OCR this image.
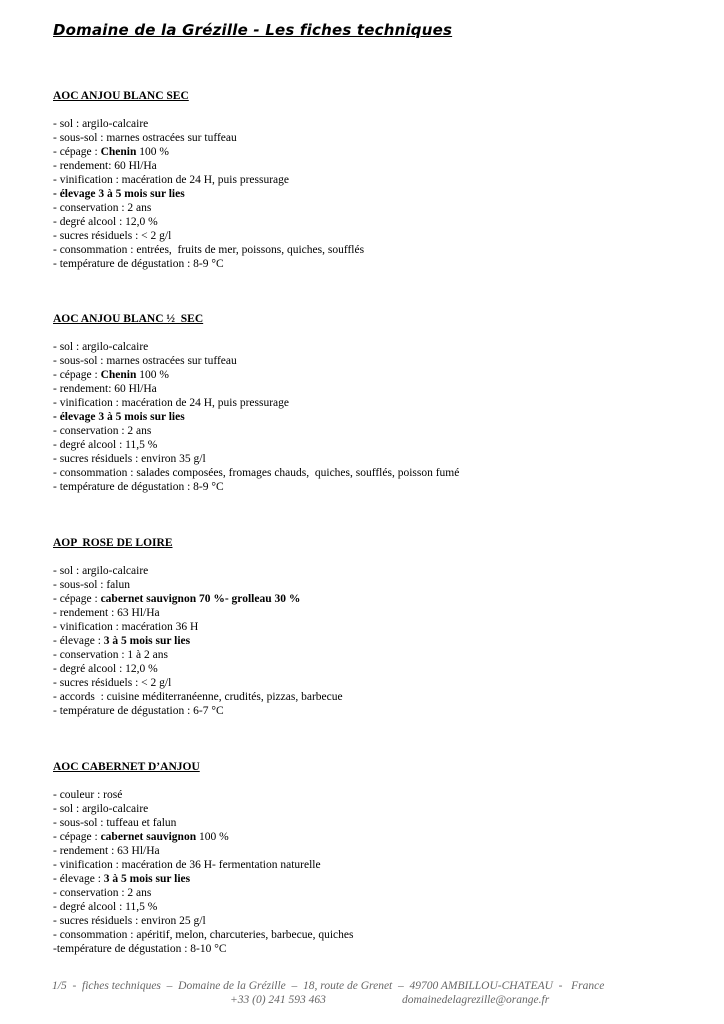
Domaine de la Grézille - Les fiches techniques
AOC ANJOU BLANC SEC
- sol : argilo-calcaire
- sous-sol : marnes ostracées sur tuffeau
- cépage : Chenin 100 %
- rendement: 60 Hl/Ha
- vinification : macération de 24 H, puis pressurage
- élevage 3 à 5 mois sur lies
- conservation : 2 ans
- degré alcool : 12,0 %
- sucres résiduels : < 2 g/l
- consommation : entrées,  fruits de mer, poissons, quiches, soufflés
- température de dégustation : 8-9 °C
AOC ANJOU BLANC ½  SEC
- sol : argilo-calcaire
- sous-sol : marnes ostracées sur tuffeau
- cépage : Chenin 100 %
- rendement: 60 Hl/Ha
- vinification : macération de 24 H, puis pressurage
- élevage 3 à 5 mois sur lies
- conservation : 2 ans
- degré alcool : 11,5 %
- sucres résiduels : environ 35 g/l
- consommation : salades composées, fromages chauds,  quiches, soufflés, poisson fumé
- température de dégustation : 8-9 °C
AOP  ROSE DE LOIRE
- sol : argilo-calcaire
- sous-sol : falun
- cépage : cabernet sauvignon 70 %- grolleau 30 %
- rendement : 63 Hl/Ha
- vinification : macération 36 H
- élevage : 3 à 5 mois sur lies
- conservation : 1 à 2 ans
- degré alcool : 12,0 %
- sucres résiduels : < 2 g/l
- accords  : cuisine méditerranéenne, crudités, pizzas, barbecue
- température de dégustation : 6-7 °C
AOC CABERNET D’ANJOU
- couleur : rosé
- sol : argilo-calcaire
- sous-sol : tuffeau et falun
- cépage : cabernet sauvignon 100 %
- rendement : 63 Hl/Ha
- vinification : macération de 36 H- fermentation naturelle
- élevage : 3 à 5 mois sur lies
- conservation : 2 ans
- degré alcool : 11,5 %
- sucres résiduels : environ 25 g/l
- consommation : apéritif, melon, charcuteries, barbecue, quiches
-température de dégustation : 8-10 °C
1/5  -  fiches techniques  –  Domaine de la Grézille  –  18, route de Grenet  –  49700 AMBILLOU-CHATEAU  -   France
+33 (0) 241 593 463	domainedelagrezille@orange.fr
